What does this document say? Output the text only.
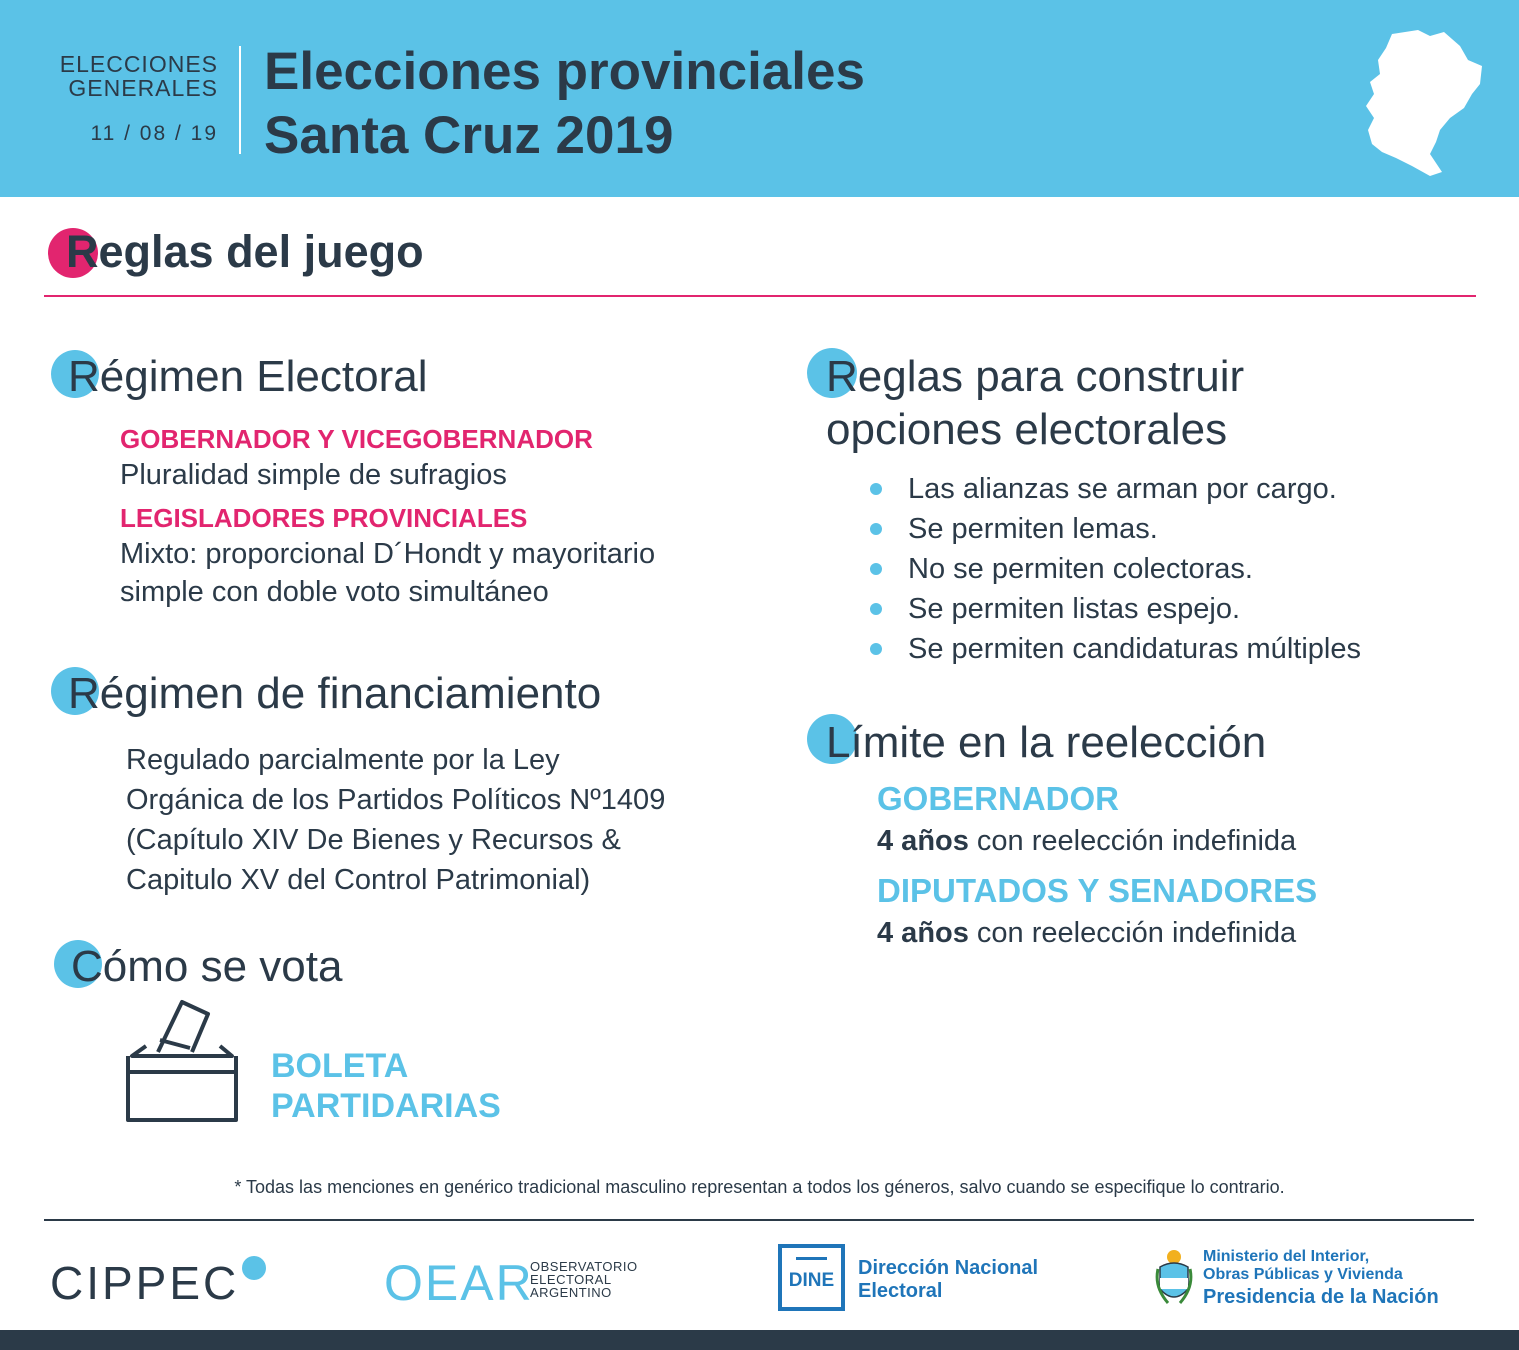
ELECCIONES
GENERALES
11 / 08 / 19
Elecciones provinciales
Santa Cruz 2019
Reglas del juego
Régimen Electoral
GOBERNADOR Y VICEGOBERNADOR
Pluralidad simple de sufragios
LEGISLADORES PROVINCIALES
Mixto: proporcional D´Hondt y mayoritario
simple con doble voto simultáneo
Régimen de financiamiento
Regulado parcialmente por la Ley
Orgánica de los Partidos Políticos Nº1409
(Capítulo XIV De Bienes y Recursos &
Capitulo XV del Control Patrimonial)
Cómo se vota
BOLETA
PARTIDARIAS
Reglas para construir
opciones electorales
Las alianzas se arman por cargo.
Se permiten lemas.
No se permiten colectoras.
Se permiten listas espejo.
Se permiten candidaturas múltiples
Límite en la reelección
GOBERNADOR
4 años con reelección indefinida
DIPUTADOS Y SENADORES
4 años con reelección indefinida
* Todas las menciones en genérico tradicional masculino representan a todos los géneros, salvo cuando se especifique lo contrario.
CIPPEC	OEAR
OBSERVATORIO
ELECTORAL
ARGENTINO
DINE
Dirección Nacional
Electoral
Ministerio del Interior,
Obras Públicas y Vivienda
Presidencia de la Nación
